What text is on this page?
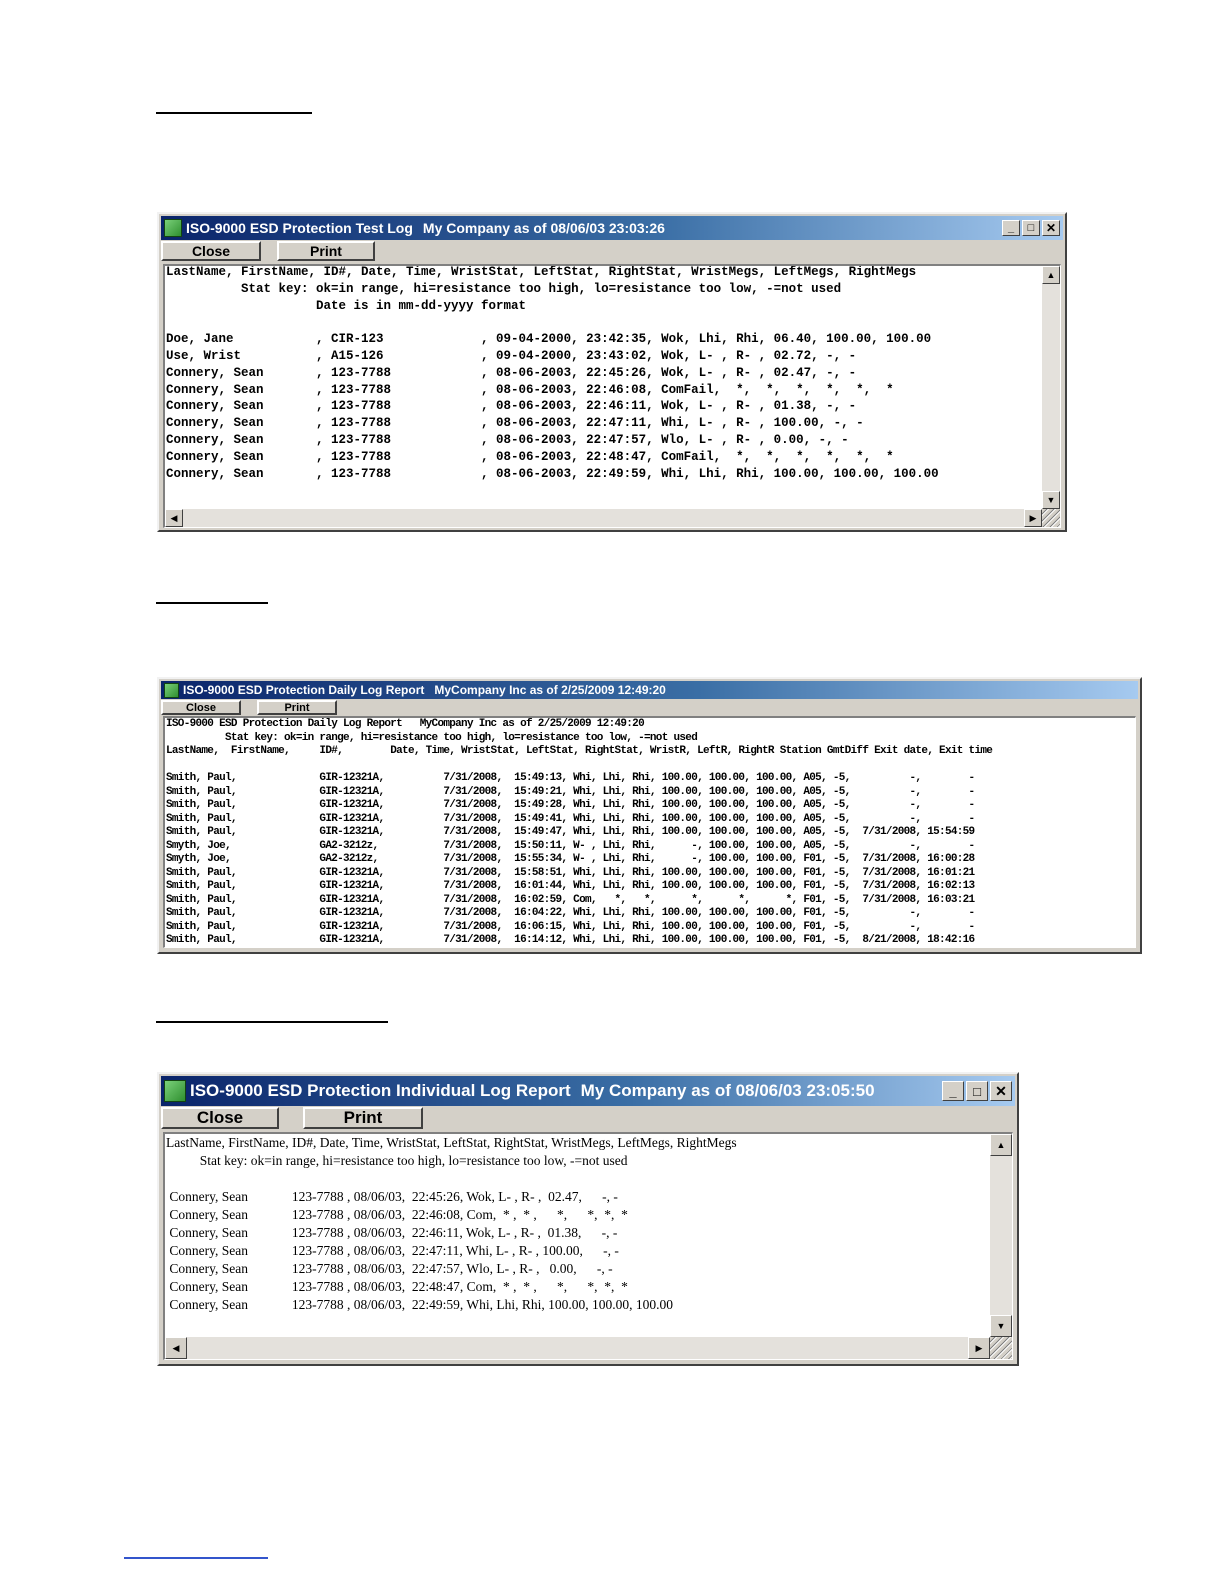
ISO-9000 ESD Protection Test Log My Company as of 08/06/03 23:03:26	_	□ ✕
Close	Print
LastName, FirstName, ID#, Date, Time, WristStat, LeftStat, RightStat, WristMegs, LeftMegs, RightMegs
Stat key: ok=in range, hi=resistance too high, lo=resistance too low, -=not used
Date is in mm-dd-yyyy format

Doe, Jane           , CIR-123             , 09-04-2000, 23:42:35, Wok, Lhi, Rhi, 06.40, 100.00, 100.00
Use, Wrist          , A15-126             , 09-04-2000, 23:43:02, Wok, L- , R- , 02.72, -, -
Connery, Sean       , 123-7788            , 08-06-2003, 22:45:26, Wok, L- , R- , 02.47, -, -
Connery, Sean       , 123-7788            , 08-06-2003, 22:46:08, ComFail,  *,  *,  *,  *,  *,  *
Connery, Sean       , 123-7788            , 08-06-2003, 22:46:11, Wok, L- , R- , 01.38, -, -
Connery, Sean       , 123-7788            , 08-06-2003, 22:47:11, Whi, L- , R- , 100.00, -, -
Connery, Sean       , 123-7788            , 08-06-2003, 22:47:57, Wlo, L- , R- , 0.00, -, -
Connery, Sean       , 123-7788            , 08-06-2003, 22:48:47, ComFail,  *,  *,  *,  *,  *,  *
Connery, Sean       , 123-7788            , 08-06-2003, 22:49:59, Whi, Lhi, Rhi, 100.00, 100.00, 100.00
▲
▼
◀	▶
ISO-9000 ESD Protection Daily Log Report MyCompany Inc as of 2/25/2009 12:49:20
Close	Print
ISO-9000 ESD Protection Daily Log Report   MyCompany Inc as of 2/25/2009 12:49:20
Stat key: ok=in range, hi=resistance too high, lo=resistance too low, -=not used
LastName,  FirstName,     ID#,        Date, Time, WristStat, LeftStat, RightStat, WristR, LeftR, RightR Station GmtDiff Exit date, Exit time

Smith, Paul,              GIR-12321A,          7/31/2008,  15:49:13, Whi, Lhi, Rhi, 100.00, 100.00, 100.00, A05, -5,          -,        -
Smith, Paul,              GIR-12321A,          7/31/2008,  15:49:21, Whi, Lhi, Rhi, 100.00, 100.00, 100.00, A05, -5,          -,        -
Smith, Paul,              GIR-12321A,          7/31/2008,  15:49:28, Whi, Lhi, Rhi, 100.00, 100.00, 100.00, A05, -5,          -,        -
Smith, Paul,              GIR-12321A,          7/31/2008,  15:49:41, Whi, Lhi, Rhi, 100.00, 100.00, 100.00, A05, -5,          -,        -
Smith, Paul,              GIR-12321A,          7/31/2008,  15:49:47, Whi, Lhi, Rhi, 100.00, 100.00, 100.00, A05, -5,  7/31/2008, 15:54:59
Smyth, Joe,               GA2-3212z,           7/31/2008,  15:50:11, W- , Lhi, Rhi,      -, 100.00, 100.00, A05, -5,          -,        -
Smyth, Joe,               GA2-3212z,           7/31/2008,  15:55:34, W- , Lhi, Rhi,      -, 100.00, 100.00, F01, -5,  7/31/2008, 16:00:28
Smith, Paul,              GIR-12321A,          7/31/2008,  15:58:51, Whi, Lhi, Rhi, 100.00, 100.00, 100.00, F01, -5,  7/31/2008, 16:01:21
Smith, Paul,              GIR-12321A,          7/31/2008,  16:01:44, Whi, Lhi, Rhi, 100.00, 100.00, 100.00, F01, -5,  7/31/2008, 16:02:13
Smith, Paul,              GIR-12321A,          7/31/2008,  16:02:59, Com,   *,   *,      *,      *,      *, F01, -5,  7/31/2008, 16:03:21
Smith, Paul,              GIR-12321A,          7/31/2008,  16:04:22, Whi, Lhi, Rhi, 100.00, 100.00, 100.00, F01, -5,          -,        -
Smith, Paul,              GIR-12321A,          7/31/2008,  16:06:15, Whi, Lhi, Rhi, 100.00, 100.00, 100.00, F01, -5,          -,        -
Smith, Paul,              GIR-12321A,          7/31/2008,  16:14:12, Whi, Lhi, Rhi, 100.00, 100.00, 100.00, F01, -5,  8/21/2008, 18:42:16
ISO-9000 ESD Protection Individual Log Report My Company as of 08/06/03 23:05:50	_	□	✕
Close	Print
LastName, FirstName, ID#, Date, Time, WristStat, LeftStat, RightStat, WristMegs, LeftMegs, RightMegs
Stat key: ok=in range, hi=resistance too high, lo=resistance too low, -=not used

Connery, Sean             123-7788 , 08/06/03,  22:45:26, Wok, L- , R- ,  02.47,      -, -
Connery, Sean             123-7788 , 08/06/03,  22:46:08, Com,  * ,  * ,      *,      *,  *,  *
Connery, Sean             123-7788 , 08/06/03,  22:46:11, Wok, L- , R- ,  01.38,      -, -
Connery, Sean             123-7788 , 08/06/03,  22:47:11, Whi, L- , R- , 100.00,      -, -
Connery, Sean             123-7788 , 08/06/03,  22:47:57, Wlo, L- , R- ,   0.00,      -, -
Connery, Sean             123-7788 , 08/06/03,  22:48:47, Com,  * ,  * ,      *,      *,  *,  *
Connery, Sean             123-7788 , 08/06/03,  22:49:59, Whi, Lhi, Rhi, 100.00, 100.00, 100.00
▲
▼
◀	▶
